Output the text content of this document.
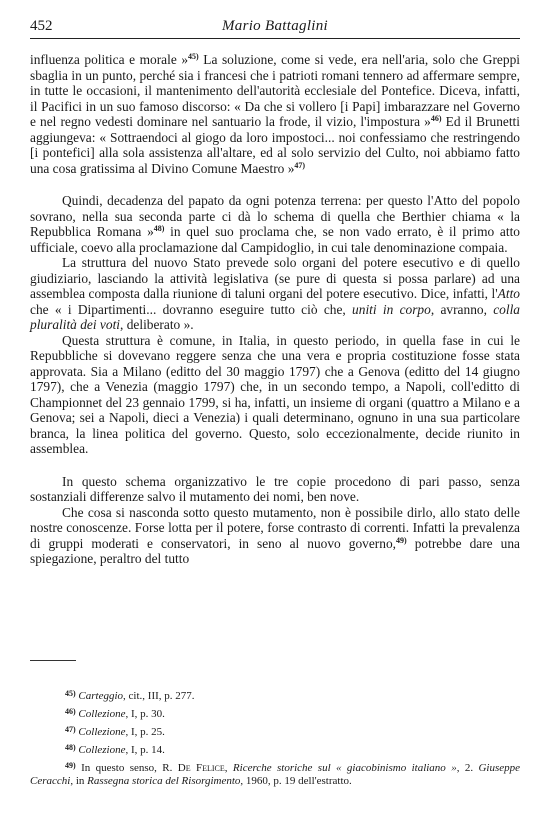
452	Mario Battaglini

influenza politica e morale »$^{45)}$ La soluzione, come si vede, era nell'aria, solo che Greppi sbaglia in un punto, perché sia i francesi che i patrioti romani tennero ad affermare sempre, in tutte le occasioni, il mantenimento dell'autorità ecclesiale del Pontefice. Diceva, infatti, il Pacifici in un suo famoso discorso: « Da che si vollero [i Papi] imbarazzare nel Governo e nel regno vedesti dominare nel santuario la frode, il vizio, l'impostura »$^{46)}$ Ed il Brunetti aggiungeva: « Sottraendoci al giogo da loro impostoci... noi confessiamo che restringendo [i pontefici] alla sola assistenza all'altare, ed al solo servizio del Culto, noi abbiamo fatto una cosa gratissima al Divino Comune Maestro »$^{47)}$

Quindi, decadenza del papato da ogni potenza terrena: per questo l'Atto del popolo sovrano, nella sua seconda parte ci dà lo schema di quella che Berthier chiama « la Repubblica Romana »$^{48)}$ in quel suo proclama che, se non vado errato, è il primo atto ufficiale, coevo alla proclamazione dal Campidoglio, in cui tale denominazione compaia.

La struttura del nuovo Stato prevede solo organi del potere esecutivo e di quello giudiziario, lasciando la attività legislativa (se pure di questa si possa parlare) ad una assemblea composta dalla riunione di taluni organi del potere esecutivo. Dice, infatti, l'Atto che « i Dipartimenti... dovranno eseguire tutto ciò che, uniti in corpo, avranno, colla pluralità dei voti, deliberato ».

Questa struttura è comune, in Italia, in questo periodo, in quella fase in cui le Repubbliche si dovevano reggere senza che una vera e propria costituzione fosse stata approvata. Sia a Milano (editto del 30 maggio 1797) che a Genova (editto del 14 giugno 1797), che a Venezia (maggio 1797) che, in un secondo tempo, a Napoli, coll'editto di Championnet del 23 gennaio 1799, si ha, infatti, un insieme di organi (quattro a Milano e a Genova; sei a Napoli, dieci a Venezia) i quali determinano, ognuno in una sua particolare branca, la linea politica del governo. Questo, solo eccezionalmente, decide riunito in assemblea.

In questo schema organizzativo le tre copie procedono di pari passo, senza sostanziali differenze salvo il mutamento dei nomi, ben nove.

Che cosa si nasconda sotto questo mutamento, non è possibile dirlo, allo stato delle nostre conoscenze. Forse lotta per il potere, forse contrasto di correnti. Infatti la prevalenza di gruppi moderati e conservatori, in seno al nuovo governo,$^{49)}$ potrebbe dare una spiegazione, peraltro del tutto

$^{45)}$ Carteggio, cit., III, p. 277.

$^{46)}$ Collezione, I, p. 30.

$^{47)}$ Collezione, I, p. 25.

$^{48)}$ Collezione, I, p. 14.

$^{49)}$ In questo senso, R. De Felice, Ricerche storiche sul « giacobinismo italiano », 2. Giuseppe Ceracchi, in Rassegna storica del Risorgimento, 1960, p. 19 dell'estratto.
